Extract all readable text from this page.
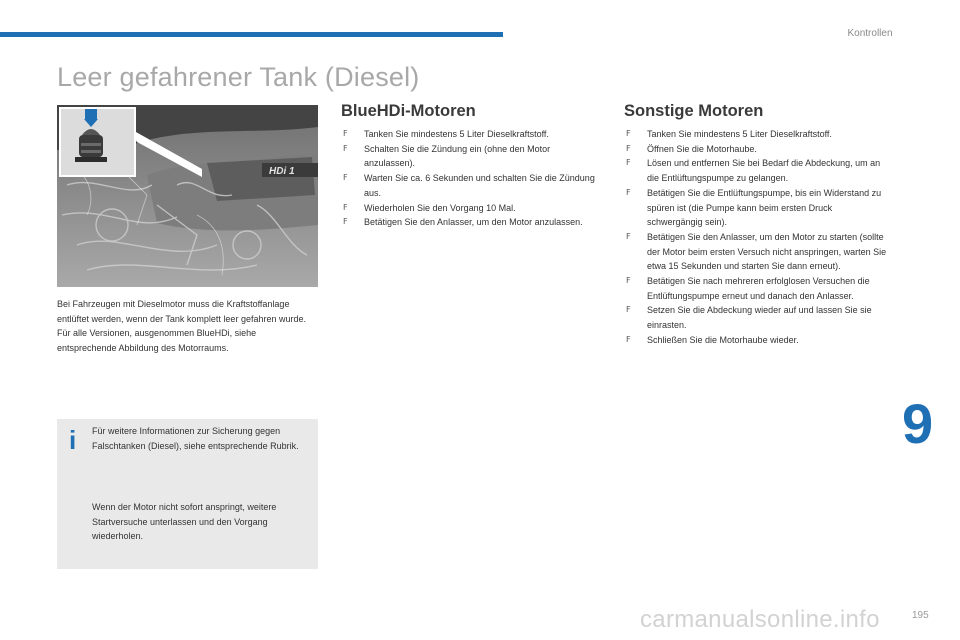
Kontrollen
Leer gefahrener Tank (Diesel)
HDi 1

Bei Fahrzeugen mit Dieselmotor muss die Kraftstoffanlage entlüftet werden, wenn der Tank komplett leer gefahren wurde.

Für alle Versionen, ausgenommen BlueHDi, siehe entsprechende Abbildung des Motorraums.

i Für weitere Informationen zur Sicherung gegen Falschtanken (Diesel), siehe entsprechende Rubrik.

Wenn der Motor nicht sofort anspringt, weitere Startversuche unterlassen und den Vorgang wiederholen.

BlueHDi-Motoren
F Tanken Sie mindestens 5 Liter Dieselkraftstoff.
F Schalten Sie die Zündung ein (ohne den Motor anzulassen).
F Warten Sie ca. 6 Sekunden und schalten Sie die Zündung aus.
F Wiederholen Sie den Vorgang 10 Mal.
F Betätigen Sie den Anlasser, um den Motor anzulassen.
Sonstige Motoren
F Tanken Sie mindestens 5 Liter Dieselkraftstoff.
F Öffnen Sie die Motorhaube.
F Lösen und entfernen Sie bei Bedarf die Abdeckung, um an die Entlüftungspumpe zu gelangen.
F Betätigen Sie die Entlüftungspumpe, bis ein Widerstand zu spüren ist (die Pumpe kann beim ersten Druck schwergängig sein).
F Betätigen Sie den Anlasser, um den Motor zu starten (sollte der Motor beim ersten Versuch nicht anspringen, warten Sie etwa 15 Sekunden und starten Sie dann erneut).
F Betätigen Sie nach mehreren erfolglosen Versuchen die Entlüftungspumpe erneut und danach den Anlasser.
F Setzen Sie die Abdeckung wieder auf und lassen Sie sie einrasten.
F Schließen Sie die Motorhaube wieder.
9
carmanualsonline.info	195
